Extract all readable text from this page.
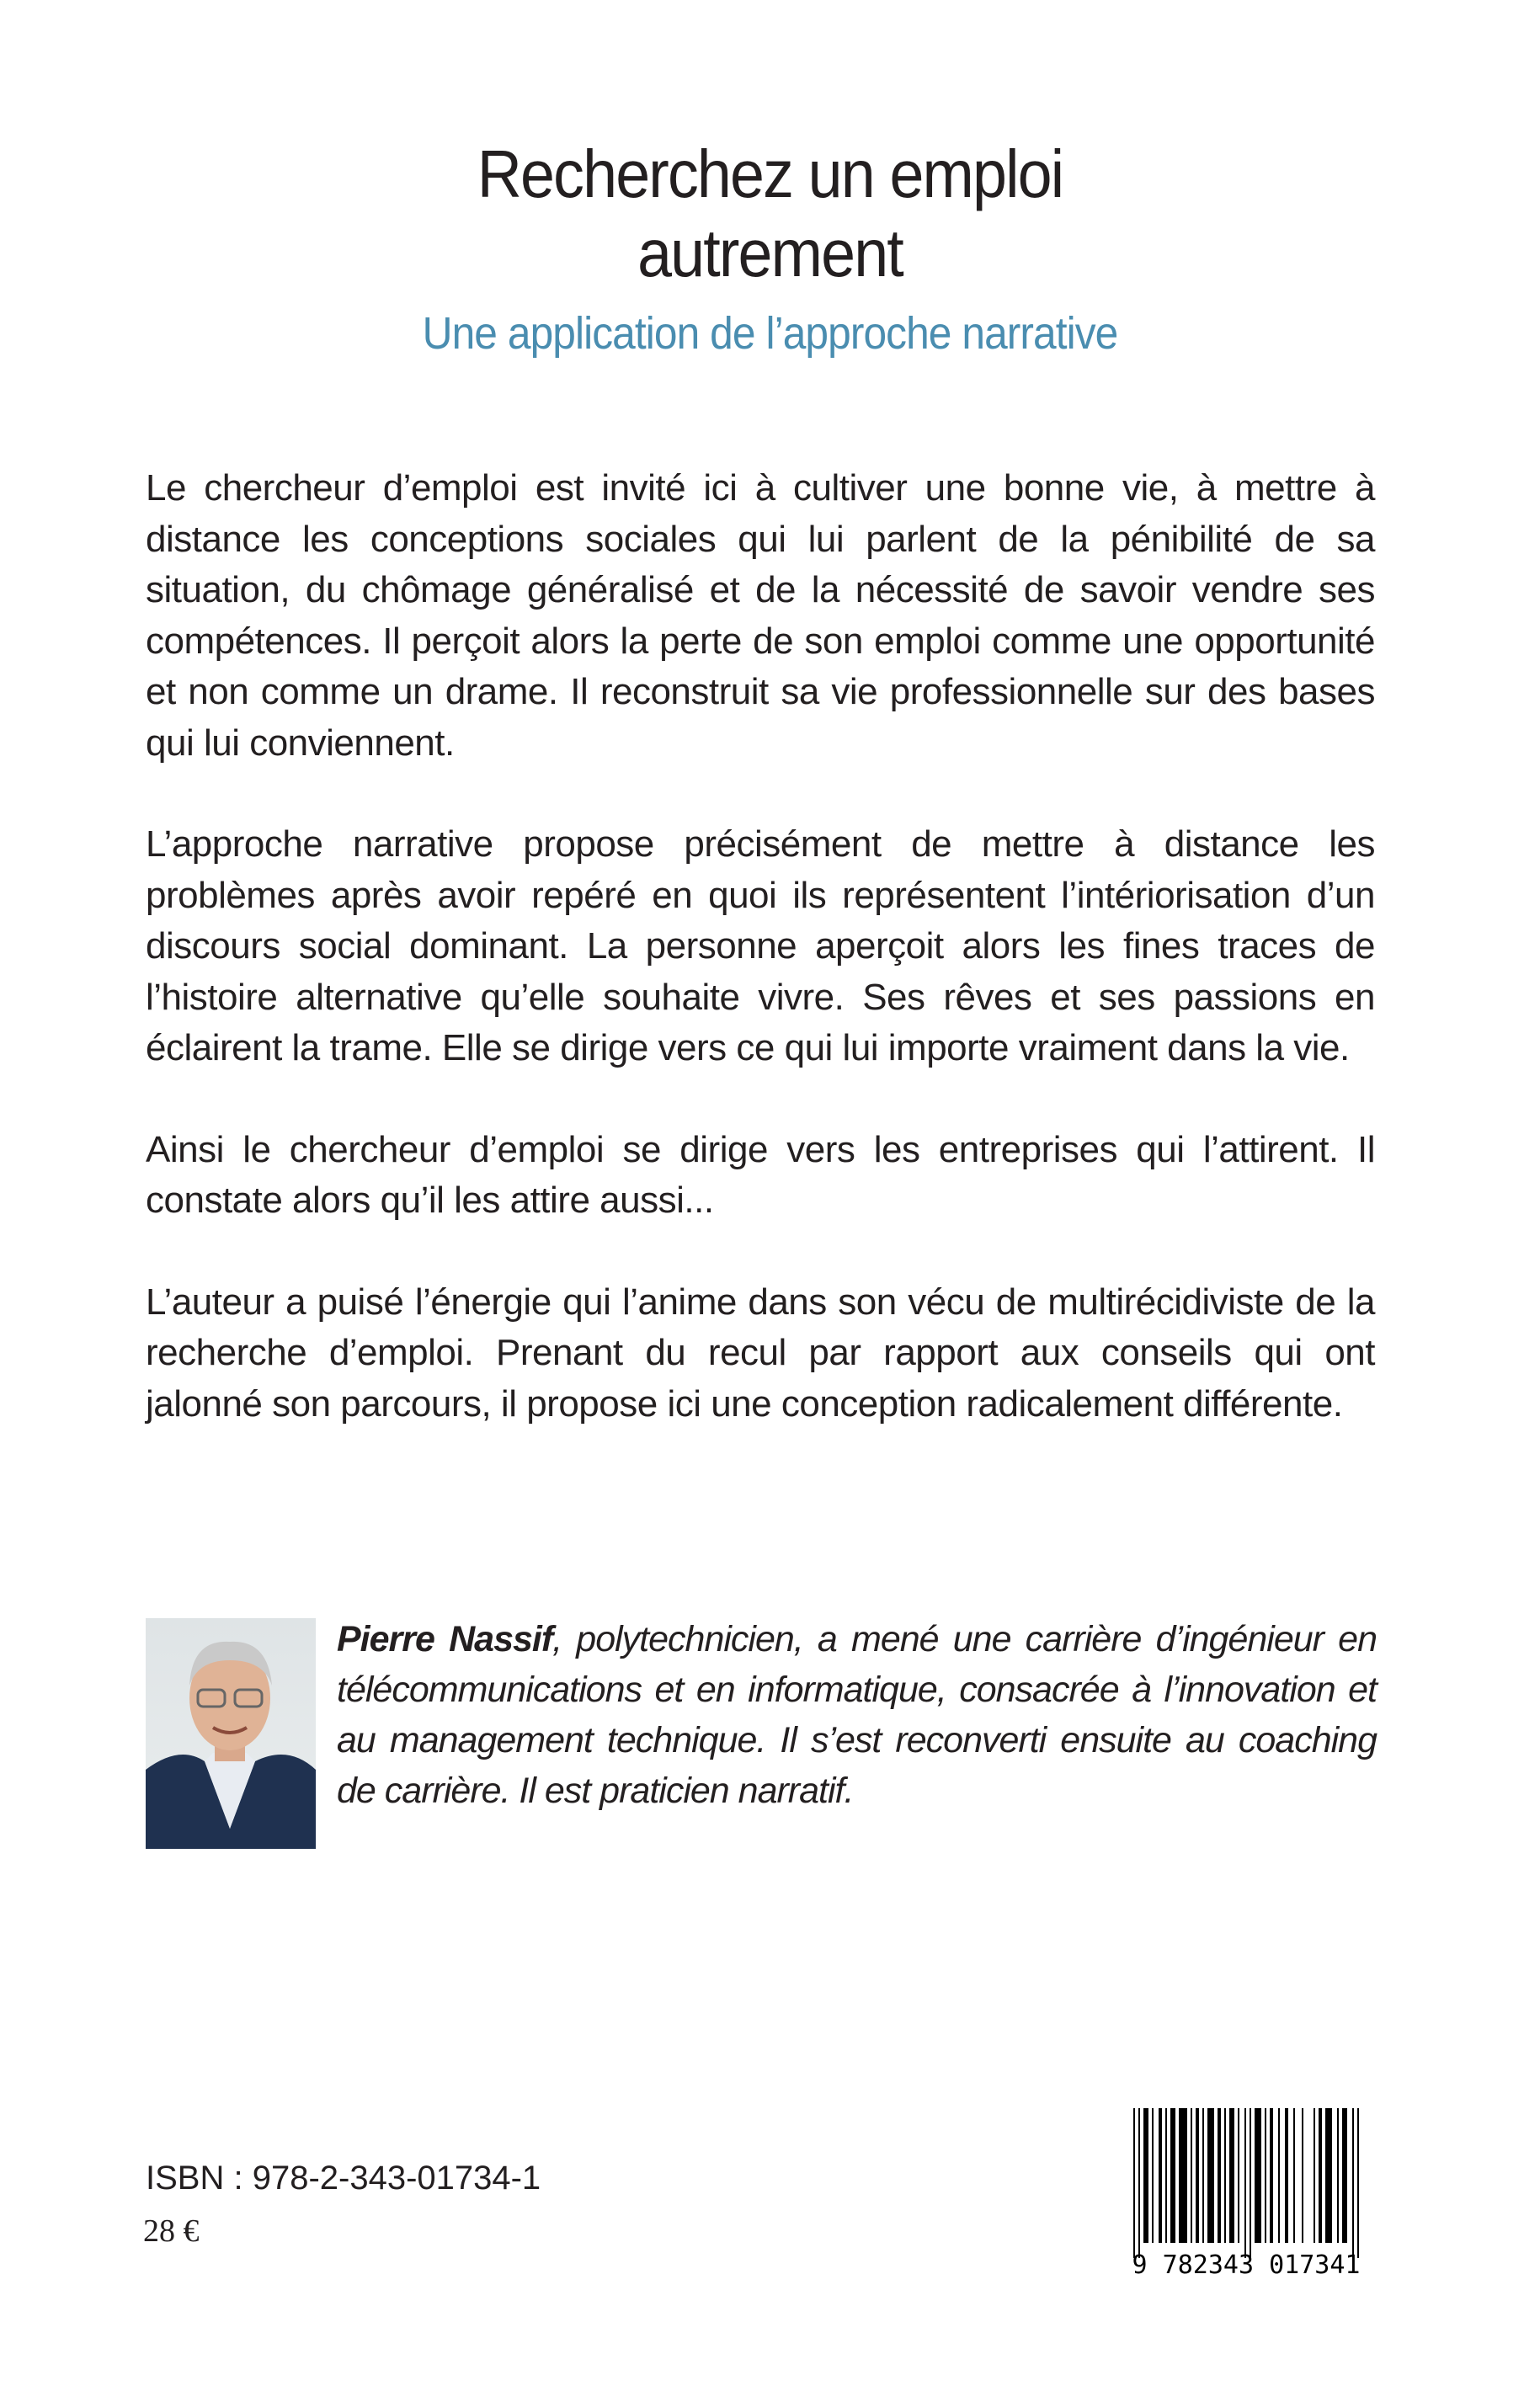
Recherchez un emploi
autrement
Une application de l’approche narrative

Le chercheur d’emploi est invité ici à cultiver une bonne vie, à mettre à distance les conceptions sociales qui lui parlent de la pénibilité de sa situation, du chômage généralisé et de la nécessité de savoir vendre ses compétences. Il perçoit alors la perte de son emploi comme une opportunité et non comme un drame. Il reconstruit sa vie professionnelle sur des bases qui lui conviennent.

L’approche narrative propose précisément de mettre à distance les problèmes après avoir repéré en quoi ils représentent l’intériorisation d’un discours social dominant. La personne aperçoit alors les fines traces de l’histoire alternative qu’elle souhaite vivre. Ses rêves et ses passions en éclairent la trame. Elle se dirige vers ce qui lui importe vraiment dans la vie.

Ainsi le chercheur d’emploi se dirige vers les entreprises qui l’attirent. Il constate alors qu’il les attire aussi...

L’auteur a puisé l’énergie qui l’anime dans son vécu de multirécidiviste de la recherche d’emploi. Prenant du recul par rapport aux conseils qui ont jalonné son parcours, il propose ici une conception radicalement différente.

Pierre Nassif, polytechnicien, a mené une carrière d’ingénieur en télécommunications et en informatique, consacrée à l’innovation et au management technique. Il s’est reconverti ensuite au coaching de carrière. Il est praticien narratif.
ISBN : 978-2-343-01734-1
28 €
9 782343 017341
